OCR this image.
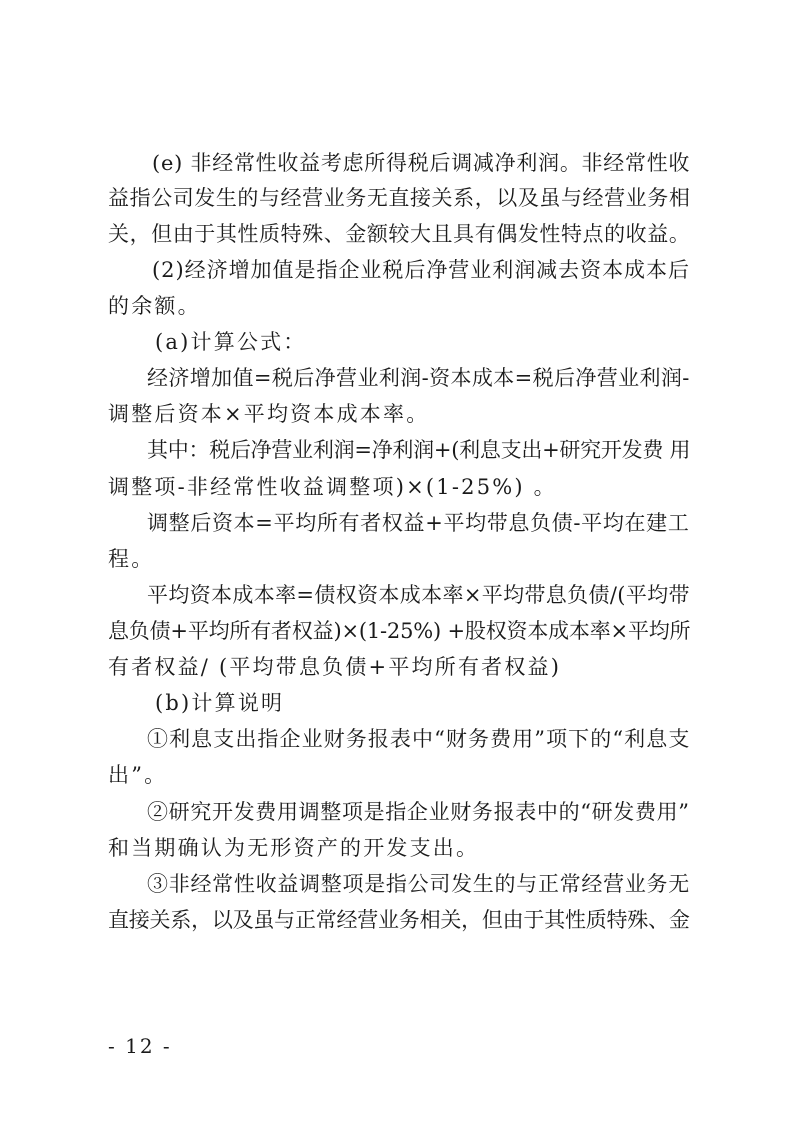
(e) 非经常性收益考虑所得税后调减净利润。非经常性收
益指公司发生的与经营业务无直接关系，以及虽与经营业务相
关，但由于其性质特殊、金额较大且具有偶发性特点的收益。
(2)经济增加值是指企业税后净营业利润减去资本成本后
的余额。
(a)计算公式：
经济增加值=税后净营业利润-资本成本=税后净营业利润-
调整后资本×平均资本成本率。
其中：税后净营业利润=净利润+(利息支出+研究开发费 用
调整项-非经常性收益调整项)×(1-25%) 。
调整后资本=平均所有者权益+平均带息负债-平均在建工
程。
平均资本成本率=债权资本成本率×平均带息负债/(平均带
息负债+平均所有者权益)×(1-25%) +股权资本成本率×平均所
有者权益/ (平均带息负债+平均所有者权益)
(b)计算说明
①利息支出指企业财务报表中“财务费用”项下的“利息支
出”。
②研究开发费用调整项是指企业财务报表中的“研发费用”
和当期确认为无形资产的开发支出。
③非经常性收益调整项是指公司发生的与正常经营业务无
直接关系，以及虽与正常经营业务相关，但由于其性质特殊、金
- 12 -
